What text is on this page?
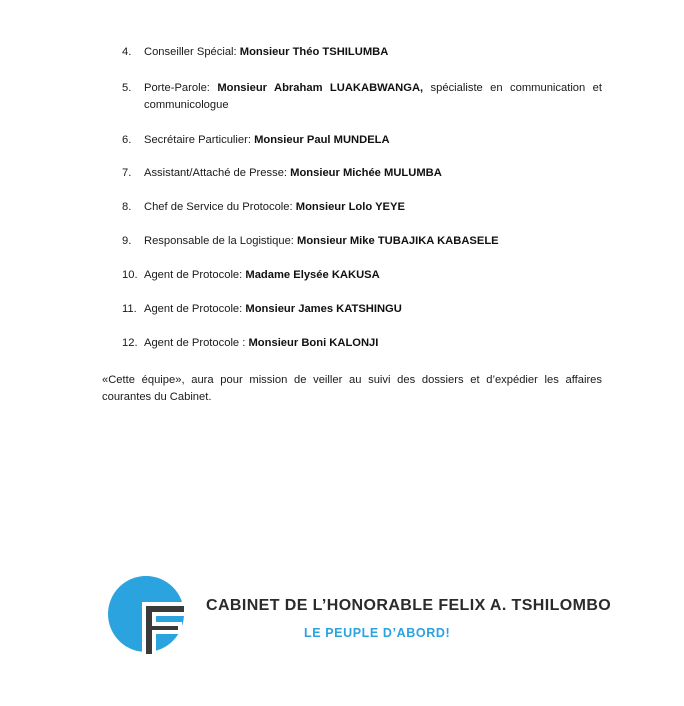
4.	Conseiller Spécial: Monsieur Théo TSHILUMBA
5.	Porte-Parole: Monsieur Abraham LUAKABWANGA, spécialiste en communication et communicologue
6.	Secrétaire Particulier: Monsieur Paul MUNDELA
7.	Assistant/Attaché de Presse: Monsieur Michée MULUMBA
8.	Chef de Service du Protocole: Monsieur Lolo YEYE
9.	Responsable de la Logistique: Monsieur Mike TUBAJIKA KABASELE
10. Agent de Protocole: Madame Elysée KAKUSA
11. Agent de Protocole: Monsieur James KATSHINGU
12. Agent de Protocole : Monsieur Boni KALONJI

«Cette équipe», aura pour mission de veiller au suivi des dossiers et d’expédier les affaires courantes du Cabinet.

CABINET DE L’HONORABLE FELIX A. TSHILOMBO
LE PEUPLE D’ABORD!
